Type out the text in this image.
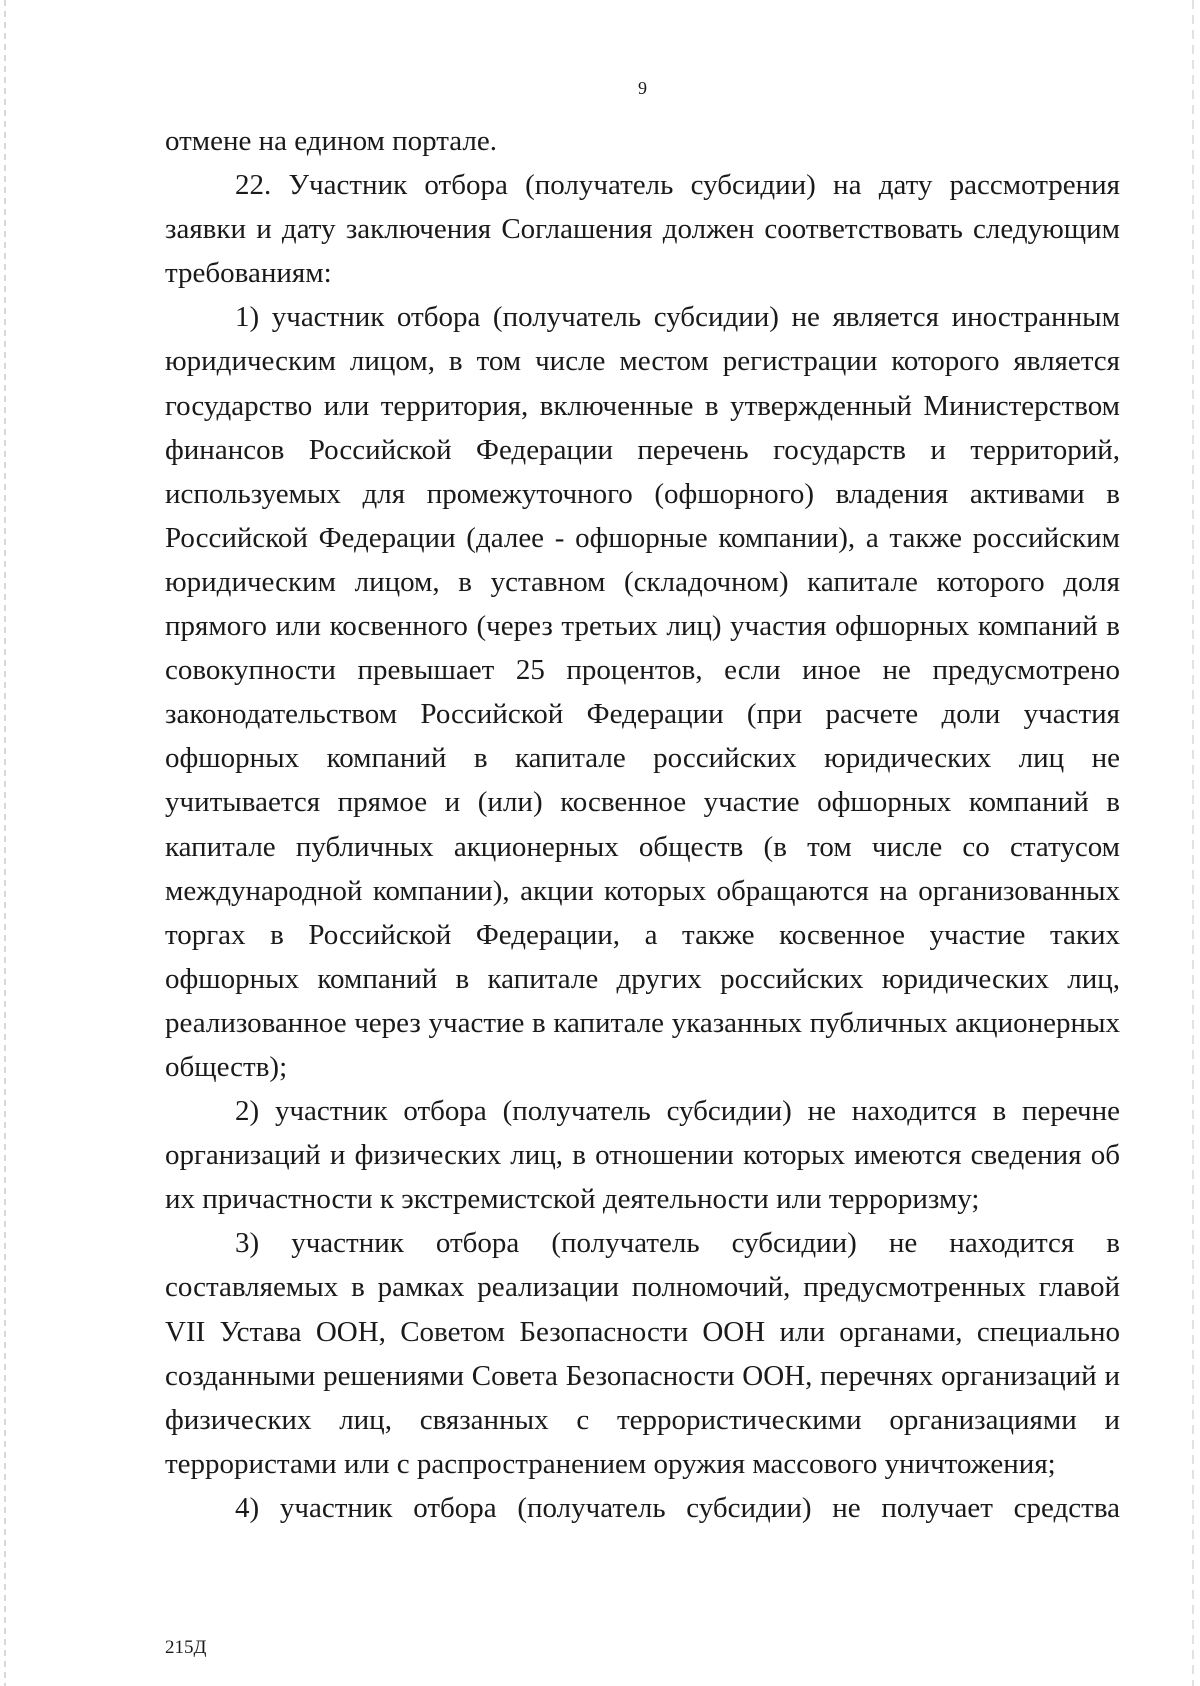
9

отмене на едином портале.

22. Участник отбора (получатель субсидии) на дату рассмотрения заявки и дату заключения Соглашения должен соответствовать следующим требованиям:

1) участник отбора (получатель субсидии) не является иностранным юридическим лицом, в том числе местом регистрации которого является государство или территория, включенные в утвержденный Министерством финансов Российской Федерации перечень государств и территорий, используемых для промежуточного (офшорного) владения активами в Российской Федерации (далее - офшорные компании), а также российским юридическим лицом, в уставном (складочном) капитале которого доля прямого или косвенного (через третьих лиц) участия офшорных компаний в совокупности превышает 25 процентов, если иное не предусмотрено законодательством Российской Федерации (при расчете доли участия офшорных компаний в капитале российских юридических лиц не учитывается прямое и (или) косвенное участие офшорных компаний в капитале публичных акционерных обществ (в том числе со статусом международной компании), акции которых обращаются на организованных торгах в Российской Федерации, а также косвенное участие таких офшорных компаний в капитале других российских юридических лиц, реализованное через участие в капитале указанных публичных акционерных обществ);

2) участник отбора (получатель субсидии) не находится в перечне организаций и физических лиц, в отношении которых имеются сведения об их причастности к экстремистской деятельности или терроризму;

3) участник отбора (получатель субсидии) не находится в составляемых в рамках реализации полномочий, предусмотренных главой VII Устава ООН, Советом Безопасности ООН или органами, специально созданными решениями Совета Безопасности ООН, перечнях организаций и физических лиц, связанных с террористическими организациями и террористами или с распространением оружия массового уничтожения;

4) участник отбора (получатель субсидии) не получает средства

215Д
